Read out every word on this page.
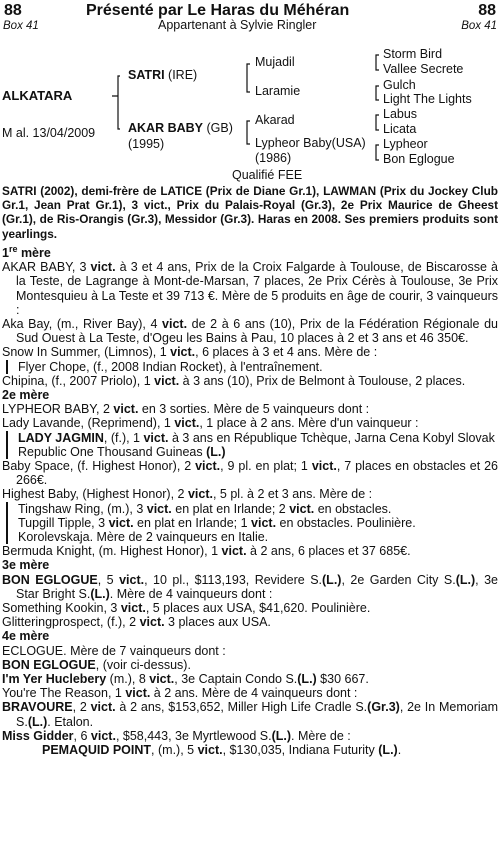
88	Présenté par Le Haras du Méhéran	88
Box 41	Appartenant à Sylvie Ringler	Box 41
ALKATARA
M al. 13/04/2009
SATRI (IRE)
AKAR BABY (GB)
(1995)
Mujadil
Laramie
Akarad
Lypheor Baby(USA)
(1986)
Storm Bird
Vallee Secrete
Gulch
Light The Lights
Labus
Licata
Lypheor
Bon Eglogue
Qualifié FEE

SATRI (2002), demi-frère de LATICE (Prix de Diane Gr.1), LAWMAN (Prix du Jockey Club Gr.1, Jean Prat Gr.1), 3 vict., Prix du Palais-Royal (Gr.3), 2e Prix Maurice de Gheest (Gr.1), de Ris-Orangis (Gr.3), Messidor (Gr.3). Haras en 2008. Ses premiers produits sont yearlings.

1re mère

AKAR BABY, 3 vict. à 3 et 4 ans, Prix de la Croix Falgarde à Toulouse, de Biscarosse à la Teste, de Lagrange à Mont-de-Marsan, 7 places, 2e Prix Cérès à Toulouse, 3e Prix Montesquieu à La Teste et 39 713 €. Mère de 5 produits en âge de courir, 3 vainqueurs :

Aka Bay, (m., River Bay), 4 vict. de 2 à 6 ans (10), Prix de la Fédération Régionale du Sud Ouest à La Teste, d'Ogeu les Bains à Pau, 10 places à 2 et 3 ans et 46 350€.

Snow In Summer, (Limnos), 1 vict., 6 places à 3 et 4 ans. Mère de :

Flyer Chope, (f., 2008 Indian Rocket), à l'entraînement.

Chipina, (f., 2007 Priolo), 1 vict. à 3 ans (10), Prix de Belmont à Toulouse, 2 places.

2e mère

LYPHEOR BABY, 2 vict. en 3 sorties. Mère de 5 vainqueurs dont :

Lady Lavande, (Reprimend), 1 vict., 1 place à 2 ans. Mère d'un vainqueur :

LADY JAGMIN, (f.), 1 vict. à 3 ans en République Tchèque, Jarna Cena Kobyl Slovak Republic One Thousand Guineas (L.)

Baby Space, (f. Highest Honor), 2 vict., 9 pl. en plat; 1 vict., 7 places en obstacles et 26 266€.

Highest Baby, (Highest Honor), 2 vict., 5 pl. à 2 et 3 ans. Mère de :

Tingshaw Ring, (m.), 3 vict. en plat en Irlande; 2 vict. en obstacles.

Tupgill Tipple, 3 vict. en plat en Irlande; 1 vict. en obstacles. Poulinière.

Korolevskaja. Mère de 2 vainqueurs en Italie.

Bermuda Knight, (m. Highest Honor), 1 vict. à 2 ans, 6 places et 37 685€.

3e mère

BON EGLOGUE, 5 vict., 10 pl., $113,193, Revidere S.(L.), 2e Garden City S.(L.), 3e Star Bright S.(L.). Mère de 4 vainqueurs dont :

Something Kookin, 3 vict., 5 places aux USA, $41,620. Poulinière.

Glitteringprospect, (f.), 2 vict. 3 places aux USA.

4e mère

ECLOGUE. Mère de 7 vainqueurs dont :

BON EGLOGUE, (voir ci-dessus).

I'm Yer Huclebery (m.), 8 vict., 3e Captain Condo S.(L.) $30 667.

You're The Reason, 1 vict. à 2 ans. Mère de 4 vainqueurs dont :

BRAVOURE, 2 vict. à 2 ans, $153,652, Miller High Life Cradle S.(Gr.3), 2e In Memoriam S.(L.). Etalon.

Miss Gidder, 6 vict., $58,443, 3e Myrtlewood S.(L.). Mère de :

PEMAQUID POINT, (m.), 5 vict., $130,035, Indiana Futurity (L.).
